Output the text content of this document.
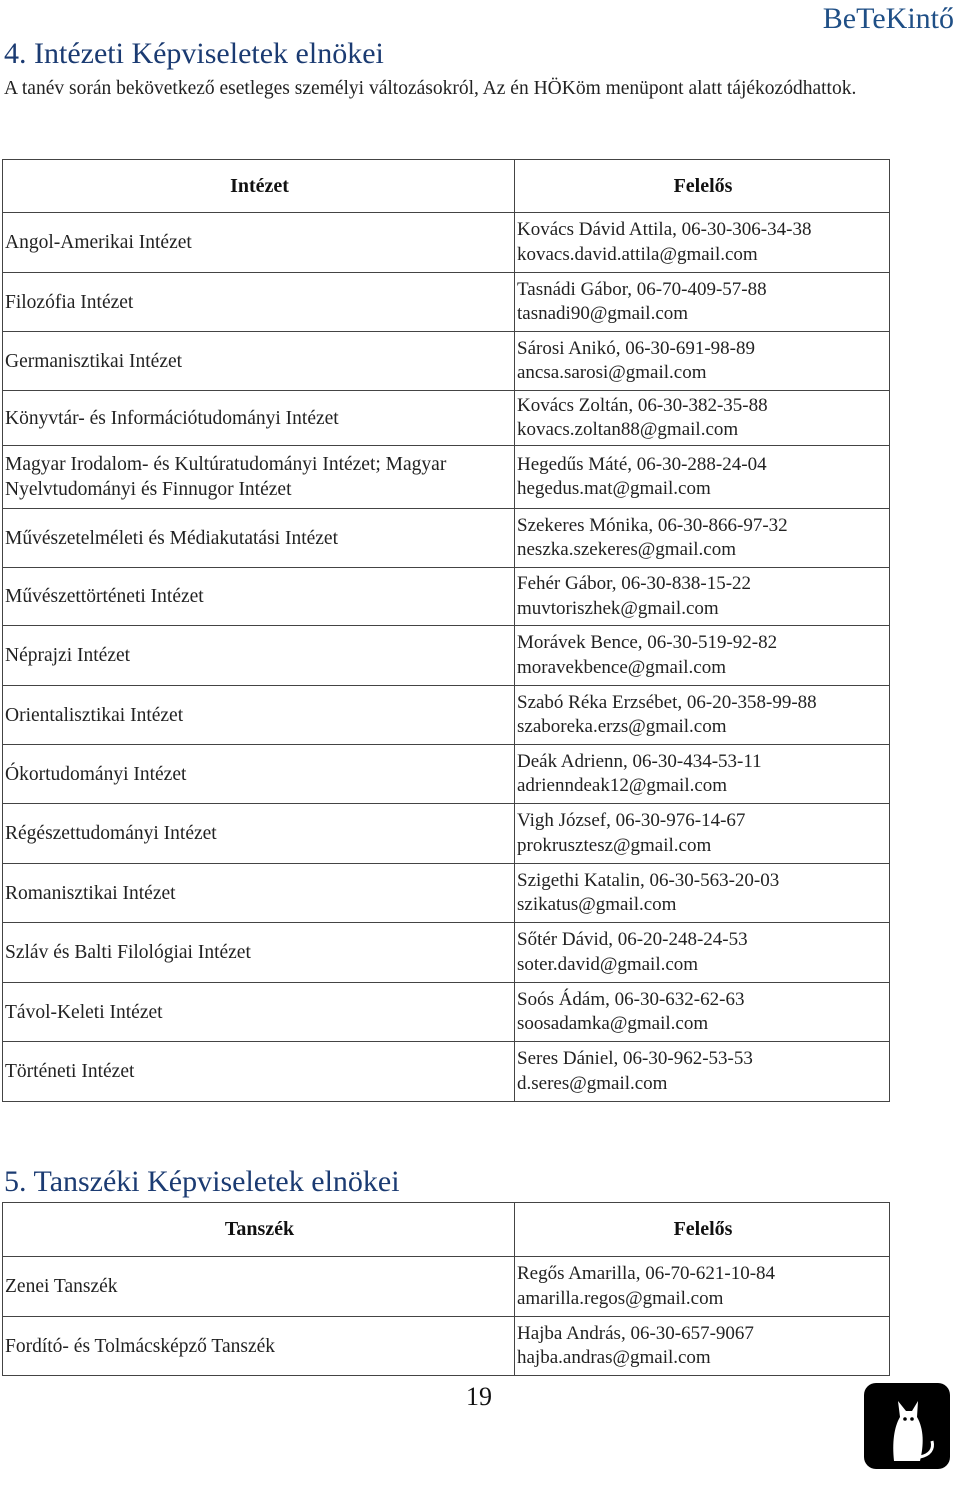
BeTeKintő
4. Intézeti Képviseletek elnökei
A tanév során bekövetkező esetleges személyi változásokról, Az én HÖKöm menüpont alatt tájékozódhattok.
Intézet	Felelős
Angol-Amerikai Intézet	Kovács Dávid Attila, 06-30-306-34-38
kovacs.david.attila@gmail.com

Filozófia Intézet	Tasnádi Gábor, 06-70-409-57-88
tasnadi90@gmail.com

Germanisztikai Intézet	Sárosi Anikó, 06-30-691-98-89
ancsa.sarosi@gmail.com

Könyvtár- és Információtudományi Intézet	Kovács Zoltán, 06-30-382-35-88
kovacs.zoltan88@gmail.com

Magyar Irodalom- és Kultúratudományi Intézet; Magyar Nyelvtudományi és Finnugor Intézet	Hegedűs Máté, 06-30-288-24-04
hegedus.mat@gmail.com

Művészetelméleti és Médiakutatási Intézet	Szekeres Mónika, 06-30-866-97-32
neszka.szekeres@gmail.com

Művészettörténeti Intézet	Fehér Gábor, 06-30-838-15-22
muvtoriszhek@gmail.com

Néprajzi Intézet	Morávek Bence, 06-30-519-92-82
moravekbence@gmail.com

Orientalisztikai Intézet	Szabó Réka Erzsébet, 06-20-358-99-88
szaboreka.erzs@gmail.com

Ókortudományi Intézet	Deák Adrienn, 06-30-434-53-11
adrienndeak12@gmail.com

Régészettudományi Intézet	Vigh József, 06-30-976-14-67
prokrusztesz@gmail.com

Romanisztikai Intézet	Szigethi Katalin, 06-30-563-20-03
szikatus@gmail.com

Szláv és Balti Filológiai Intézet	Sőtér Dávid, 06-20-248-24-53
soter.david@gmail.com

Távol-Keleti Intézet	Soós Ádám, 06-30-632-62-63
soosadamka@gmail.com

Történeti Intézet	Seres Dániel, 06-30-962-53-53
d.seres@gmail.com
5. Tanszéki Képviseletek elnökei
Tanszék	Felelős
Zenei Tanszék	Regős Amarilla, 06-70-621-10-84
amarilla.regos@gmail.com

Fordító- és Tolmácsképző Tanszék	Hajba András, 06-30-657-9067
hajba.andras@gmail.com
19
